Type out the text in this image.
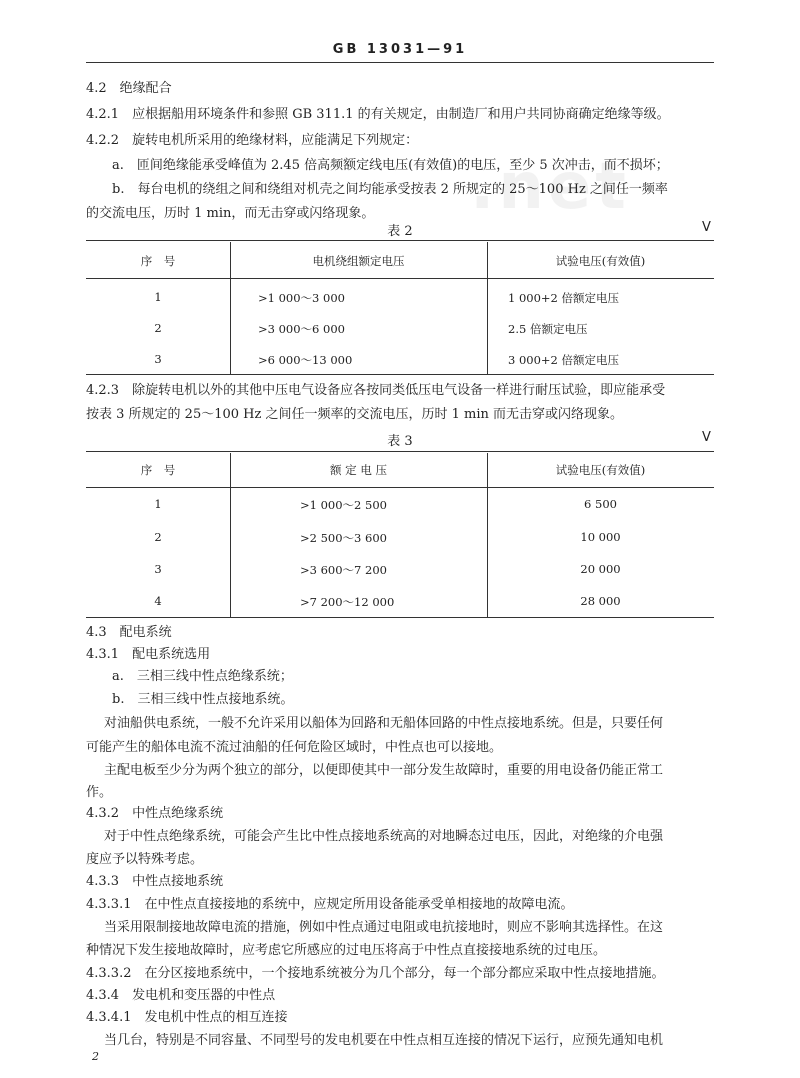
GB 13031—91
.net
4.2　绝缘配合
4.2.1　应根据船用环境条件和参照 GB 311.1 的有关规定，由制造厂和用户共同协商确定绝缘等级。
4.2.2　旋转电机所采用的绝缘材料，应能满足下列规定：
a.　匝间绝缘能承受峰值为 2.45 倍高频额定线电压(有效值)的电压，至少 5 次冲击，而不损坏；
b.　每台电机的绕组之间和绕组对机壳之间均能承受按表 2 所规定的 25～100 Hz 之间任一频率
的交流电压，历时 1 min，而无击穿或闪络现象。
表 2	V
序　号	电机绕组额定电压	试验电压(有效值)
1	>1 000～3 000	1 000+2 倍额定电压
2	>3 000～6 000	2.5 倍额定电压
3	>6 000～13 000	3 000+2 倍额定电压
4.2.3　除旋转电机以外的其他中压电气设备应各按同类低压电气设备一样进行耐压试验，即应能承受
按表 3 所规定的 25～100 Hz 之间任一频率的交流电压，历时 1 min 而无击穿或闪络现象。
表 3	V
序　号	额 定 电 压	试验电压(有效值)
1	>1 000～2 500	6 500
2	>2 500～3 600	10 000
3	>3 600～7 200	20 000
4	>7 200～12 000	28 000
4.3　配电系统
4.3.1　配电系统选用
a.　三相三线中性点绝缘系统；
b.　三相三线中性点接地系统。
对油船供电系统，一般不允许采用以船体为回路和无船体回路的中性点接地系统。但是，只要任何
可能产生的船体电流不流过油船的任何危险区域时，中性点也可以接地。
主配电板至少分为两个独立的部分，以便即使其中一部分发生故障时，重要的用电设备仍能正常工
作。
4.3.2　中性点绝缘系统
对于中性点绝缘系统，可能会产生比中性点接地系统高的对地瞬态过电压，因此，对绝缘的介电强
度应予以特殊考虑。
4.3.3　中性点接地系统
4.3.3.1　在中性点直接接地的系统中，应规定所用设备能承受单相接地的故障电流。
当采用限制接地故障电流的措施，例如中性点通过电阻或电抗接地时，则应不影响其选择性。在这
种情况下发生接地故障时，应考虑它所感应的过电压将高于中性点直接接地系统的过电压。
4.3.3.2　在分区接地系统中，一个接地系统被分为几个部分，每一个部分都应采取中性点接地措施。
4.3.4　发电机和变压器的中性点
4.3.4.1　发电机中性点的相互连接
当几台，特别是不同容量、不同型号的发电机要在中性点相互连接的情况下运行，应预先通知电机
2
